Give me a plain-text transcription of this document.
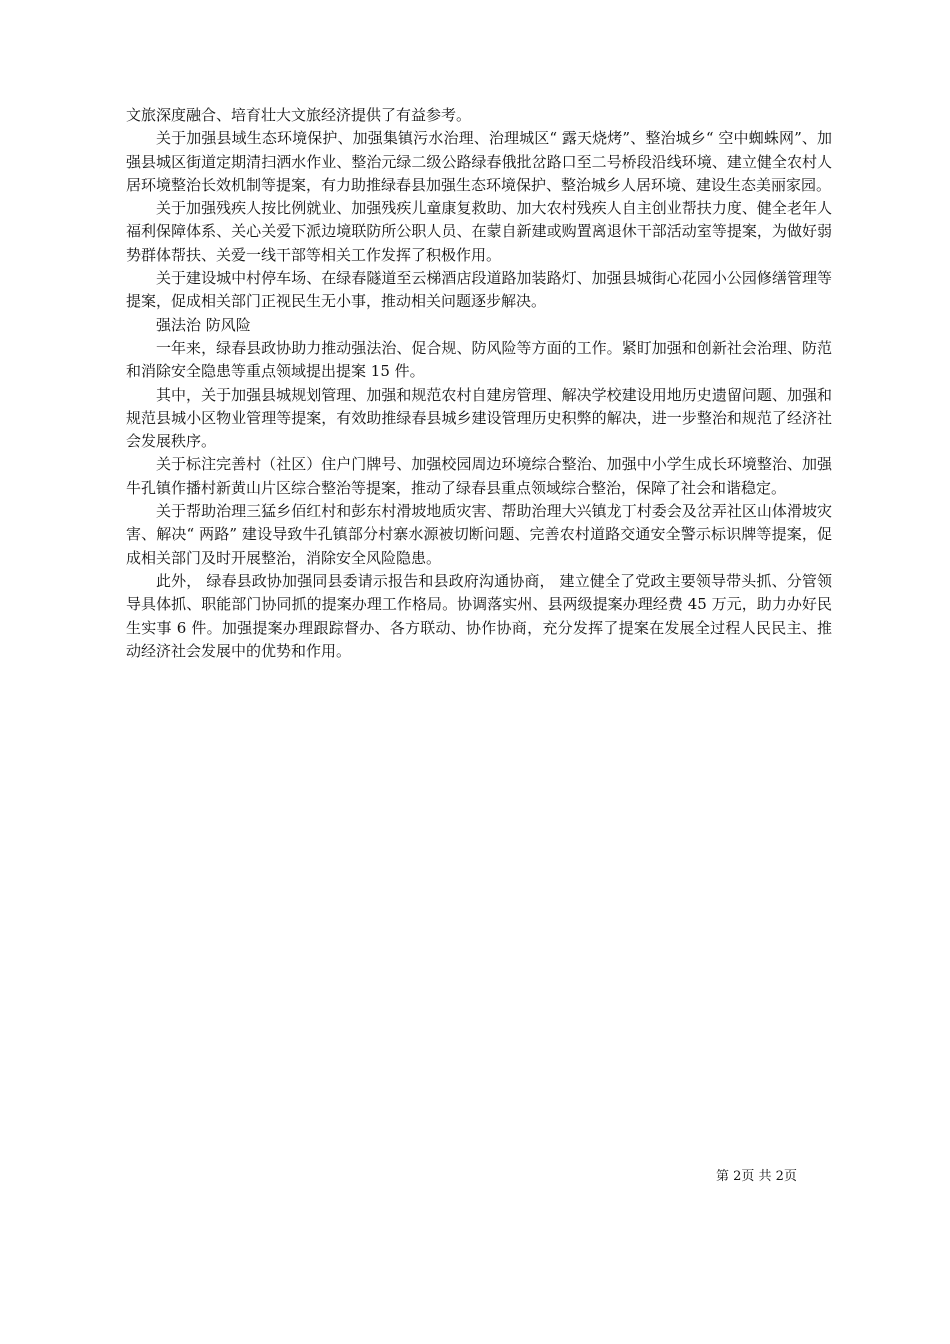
文旅深度融合、培育壮大文旅经济提供了有益参考。

关于加强县域生态环境保护、加强集镇污水治理、治理城区“ 露天烧烤”、整治城乡“ 空中蜘蛛网”、加强县城区街道定期清扫洒水作业、整治元绿二级公路绿春俄批岔路口至二号桥段沿线环境、建立健全农村人居环境整治长效机制等提案，有力助推绿春县加强生态环境保护、整治城乡人居环境、建设生态美丽家园。

关于加强残疾人按比例就业、加强残疾儿童康复救助、加大农村残疾人自主创业帮扶力度、健全老年人福利保障体系、关心关爱下派边境联防所公职人员、在蒙自新建或购置离退休干部活动室等提案，为做好弱势群体帮扶、关爱一线干部等相关工作发挥了积极作用。

关于建设城中村停车场、在绿春隧道至云梯酒店段道路加装路灯、加强县城街心花园小公园修缮管理等提案，促成相关部门正视民生无小事，推动相关问题逐步解决。

强法治 防风险

一年来，绿春县政协助力推动强法治、促合规、防风险等方面的工作。紧盯加强和创新社会治理、防范和消除安全隐患等重点领域提出提案 15 件。

其中，关于加强县城规划管理、加强和规范农村自建房管理、解决学校建设用地历史遗留问题、加强和规范县城小区物业管理等提案，有效助推绿春县城乡建设管理历史积弊的解决，进一步整治和规范了经济社会发展秩序。

关于标注完善村（社区）住户门牌号、加强校园周边环境综合整治、加强中小学生成长环境整治、加强牛孔镇作播村新黄山片区综合整治等提案，推动了绿春县重点领域综合整治，保障了社会和谐稳定。

关于帮助治理三猛乡佰红村和彭东村滑坡地质灾害、帮助治理大兴镇龙丁村委会及岔弄社区山体滑坡灾害、解决“ 两路” 建设导致牛孔镇部分村寨水源被切断问题、完善农村道路交通安全警示标识牌等提案，促成相关部门及时开展整治，消除安全风险隐患。

此外， 绿春县政协加强同县委请示报告和县政府沟通协商， 建立健全了党政主要领导带头抓、分管领导具体抓、职能部门协同抓的提案办理工作格局。协调落实州、县两级提案办理经费 45 万元，助力办好民生实事 6 件。加强提案办理跟踪督办、各方联动、协作协商，充分发挥了提案在发展全过程人民民主、推动经济社会发展中的优势和作用。

第 2页 共 2页
